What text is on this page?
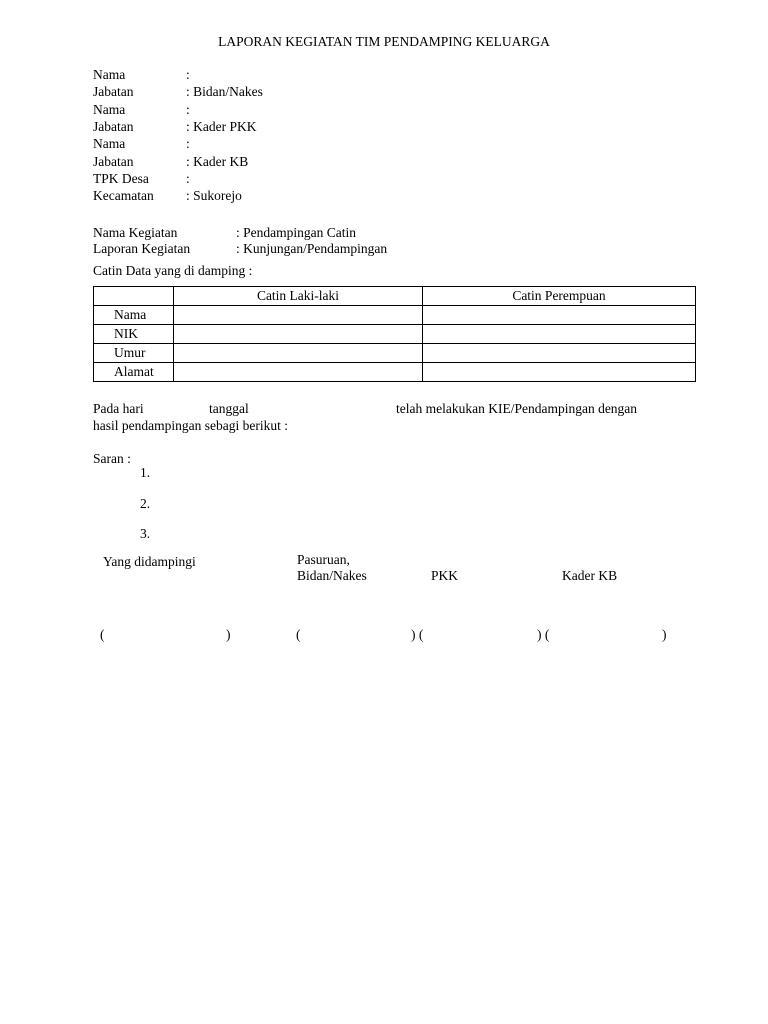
LAPORAN KEGIATAN TIM PENDAMPING KELUARGA
Nama	:
Jabatan	: Bidan/Nakes
Nama	:
Jabatan	: Kader PKK
Nama	:
Jabatan	: Kader KB
TPK Desa	:
Kecamatan : Sukorejo
Nama Kegiatan	: Pendampingan Catin
Laporan Kegiatan	: Kunjungan/Pendampingan
Catin Data yang di damping :
	Catin Laki-laki	Catin Perempuan
Nama		
NIK		
Umur		
Alamat		
Pada hari	tanggal	telah melakukan KIE/Pendampingan dengan
hasil pendampingan sebagi berikut :
Saran :
1.
2.
3.
Yang didampingi	Pasuruan,
Bidan/Nakes	PKK	Kader KB
(	)	(	) (	) (	)
